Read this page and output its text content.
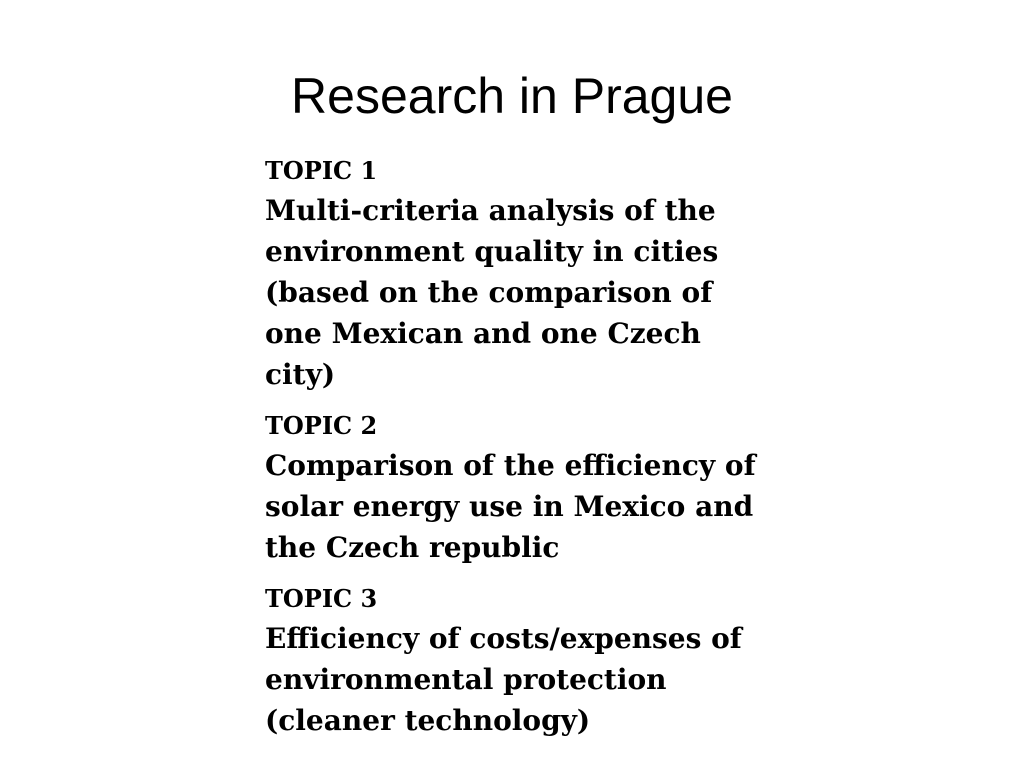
Research in Prague
TOPIC 1

Multi-criteria analysis of the environment quality in cities (based on the comparison of one Mexican and one Czech city)

TOPIC 2

Comparison of the efficiency of solar energy use in Mexico and the Czech republic

TOPIC 3

Efficiency of costs/expenses of environmental protection (cleaner technology)
